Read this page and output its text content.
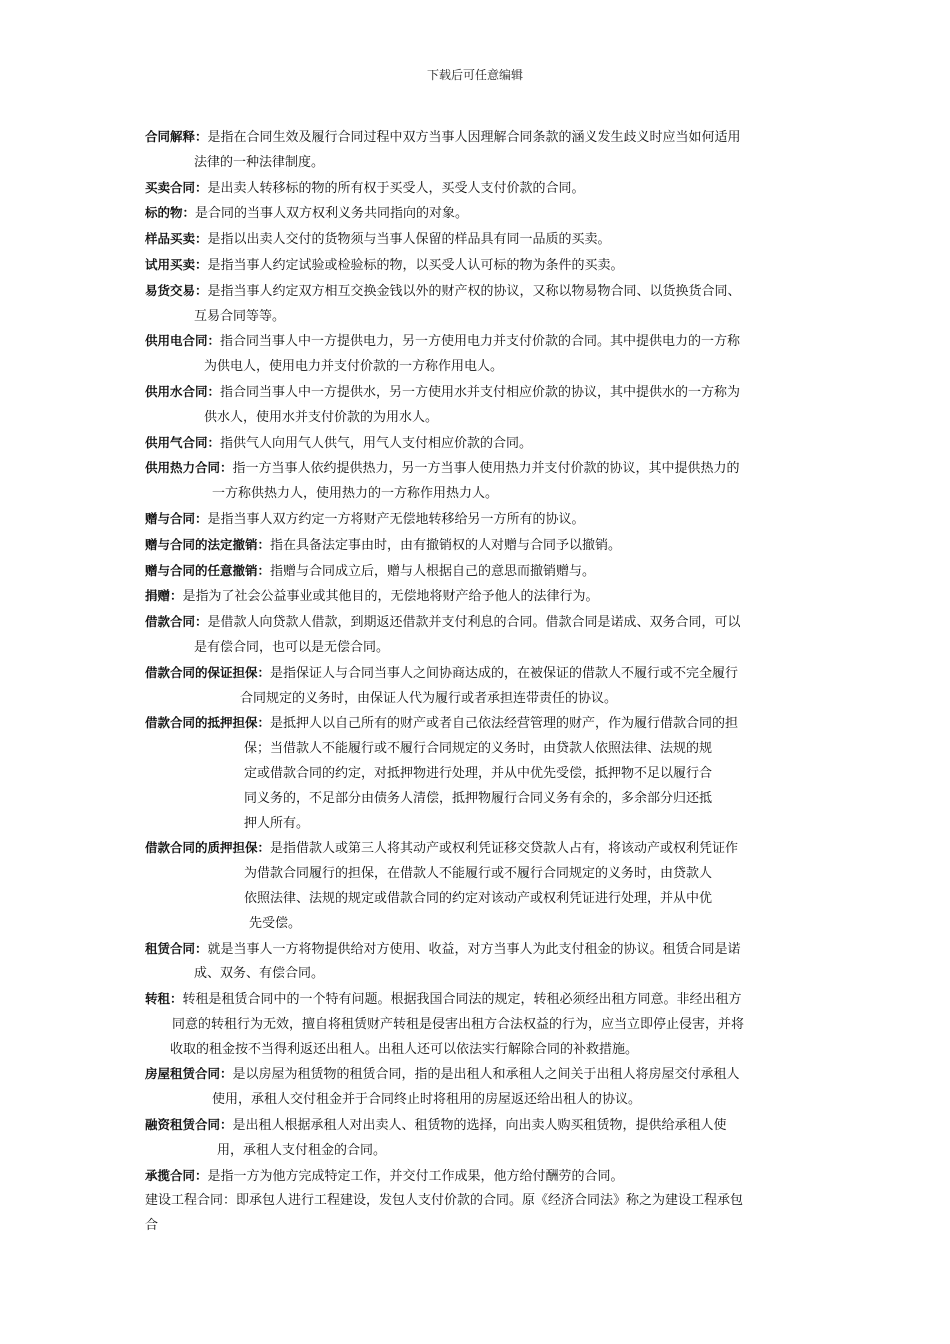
下载后可任意编辑
合同解释：是指在合同生效及履行合同过程中双方当事人因理解合同条款的涵义发生歧义时应当如何适用
法律的一种法律制度。
买卖合同：是出卖人转移标的物的所有权于买受人，买受人支付价款的合同。
标的物：是合同的当事人双方权利义务共同指向的对象。
样品买卖：是指以出卖人交付的货物须与当事人保留的样品具有同一品质的买卖。
试用买卖：是指当事人约定试验或检验标的物，以买受人认可标的物为条件的买卖。
易货交易：是指当事人约定双方相互交换金钱以外的财产权的协议，又称以物易物合同、以货换货合同、
互易合同等等。
供用电合同：指合同当事人中一方提供电力，另一方使用电力并支付价款的合同。其中提供电力的一方称
为供电人，使用电力并支付价款的一方称作用电人。
供用水合同：指合同当事人中一方提供水，另一方使用水并支付相应价款的协议，其中提供水的一方称为
供水人，使用水并支付价款的为用水人。
供用气合同：指供气人向用气人供气，用气人支付相应价款的合同。
供用热力合同：指一方当事人依约提供热力，另一方当事人使用热力并支付价款的协议，其中提供热力的
一方称供热力人，使用热力的一方称作用热力人。
赠与合同：是指当事人双方约定一方将财产无偿地转移给另一方所有的协议。
赠与合同的法定撤销：指在具备法定事由时，由有撤销权的人对赠与合同予以撤销。
赠与合同的任意撤销：指赠与合同成立后，赠与人根据自己的意思而撤销赠与。
捐赠：是指为了社会公益事业或其他目的，无偿地将财产给予他人的法律行为。
借款合同：是借款人向贷款人借款，到期返还借款并支付利息的合同。借款合同是诺成、双务合同，可以
是有偿合同，也可以是无偿合同。
借款合同的保证担保：是指保证人与合同当事人之间协商达成的，在被保证的借款人不履行或不完全履行
合同规定的义务时，由保证人代为履行或者承担连带责任的协议。
借款合同的抵押担保：是抵押人以自己所有的财产或者自己依法经营管理的财产，作为履行借款合同的担
保；当借款人不能履行或不履行合同规定的义务时，由贷款人依照法律、法规的规
定或借款合同的约定，对抵押物进行处理，并从中优先受偿，抵押物不足以履行合
同义务的，不足部分由债务人清偿，抵押物履行合同义务有余的，多余部分归还抵
押人所有。
借款合同的质押担保：是指借款人或第三人将其动产或权利凭证移交贷款人占有，将该动产或权利凭证作
为借款合同履行的担保，在借款人不能履行或不履行合同规定的义务时，由贷款人
依照法律、法规的规定或借款合同的约定对该动产或权利凭证进行处理，并从中优
先受偿。
租赁合同：就是当事人一方将物提供给对方使用、收益，对方当事人为此支付租金的协议。租赁合同是诺
成、双务、有偿合同。
转租：转租是租赁合同中的一个特有问题。根据我国合同法的规定，转租必须经出租方同意。非经出租方
同意的转租行为无效，擅自将租赁财产转租是侵害出租方合法权益的行为，应当立即停止侵害，并将
收取的租金按不当得利返还出租人。出租人还可以依法实行解除合同的补救措施。
房屋租赁合同：是以房屋为租赁物的租赁合同，指的是出租人和承租人之间关于出租人将房屋交付承租人
使用，承租人交付租金并于合同终止时将租用的房屋返还给出租人的协议。
融资租赁合同：是出租人根据承租人对出卖人、租赁物的选择，向出卖人购买租赁物，提供给承租人使
用，承租人支付租金的合同。
承揽合同：是指一方为他方完成特定工作，并交付工作成果，他方给付酬劳的合同。
建设工程合同：即承包人进行工程建设，发包人支付价款的合同。原《经济合同法》称之为建设工程承包
合
